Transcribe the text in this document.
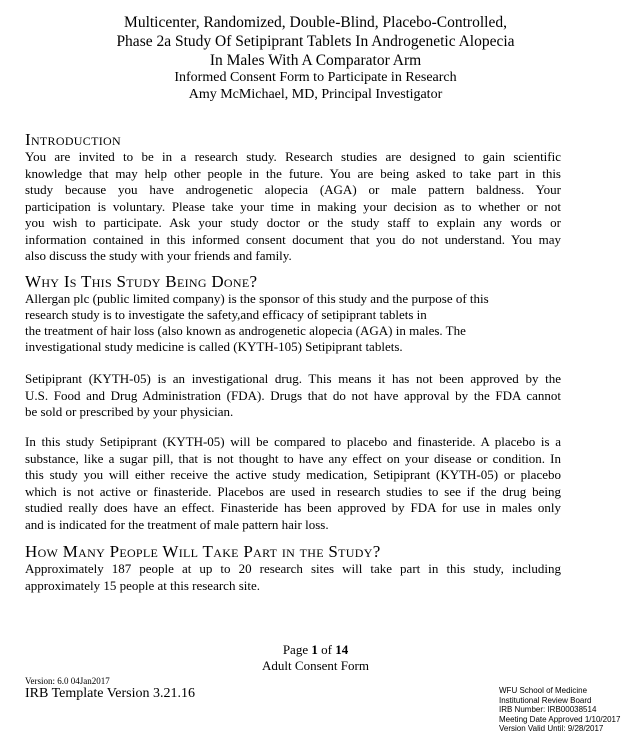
Multicenter, Randomized, Double-Blind, Placebo-Controlled,
Phase 2a Study Of Setipiprant Tablets In Androgenetic Alopecia
In Males With A Comparator Arm
Informed Consent Form to Participate in Research
Amy McMichael, MD, Principal Investigator
Introduction
You are invited to be in a research study. Research studies are designed to gain scientific
knowledge that may help other people in the future. You are being asked to take part in this
study because you have androgenetic alopecia (AGA) or male pattern baldness. Your
participation is voluntary. Please take your time in making your decision as to whether or not
you wish to participate. Ask your study doctor or the study staff to explain any words or
information contained in this informed consent document that you do not understand. You may
also discuss the study with your friends and family.
Why Is This Study Being Done?
Allergan plc (public limited company) is the sponsor of this study and the purpose of this
research study is to investigate the safety,and efficacy of setipiprant tablets in
the treatment of hair loss (also known as androgenetic alopecia (AGA) in males. The
investigational study medicine is called (KYTH-105) Setipiprant tablets.
Setipiprant (KYTH-05) is an investigational drug. This means it has not been approved by the
U.S. Food and Drug Administration (FDA). Drugs that do not have approval by the FDA cannot
be sold or prescribed by your physician.
In this study Setipiprant (KYTH-05) will be compared to placebo and finasteride. A placebo is a
substance, like a sugar pill, that is not thought to have any effect on your disease or condition. In
this study you will either receive the active study medication, Setipiprant (KYTH-05) or placebo
which is not active or finasteride. Placebos are used in research studies to see if the drug being
studied really does have an effect. Finasteride has been approved by FDA for use in males only
and is indicated for the treatment of male pattern hair loss.
How Many People Will Take Part in the Study?
Approximately 187 people at up to 20 research sites will take part in this study, including
approximately 15 people at this research site.
Page 1 of 14
Adult Consent Form
Version: 6.0 04Jan2017
IRB Template Version 3.21.16	WFU School of Medicine
Institutional Review Board
IRB Number: IRB00038514
Meeting Date Approved 1/10/2017
Version Valid Until: 9/28/2017
